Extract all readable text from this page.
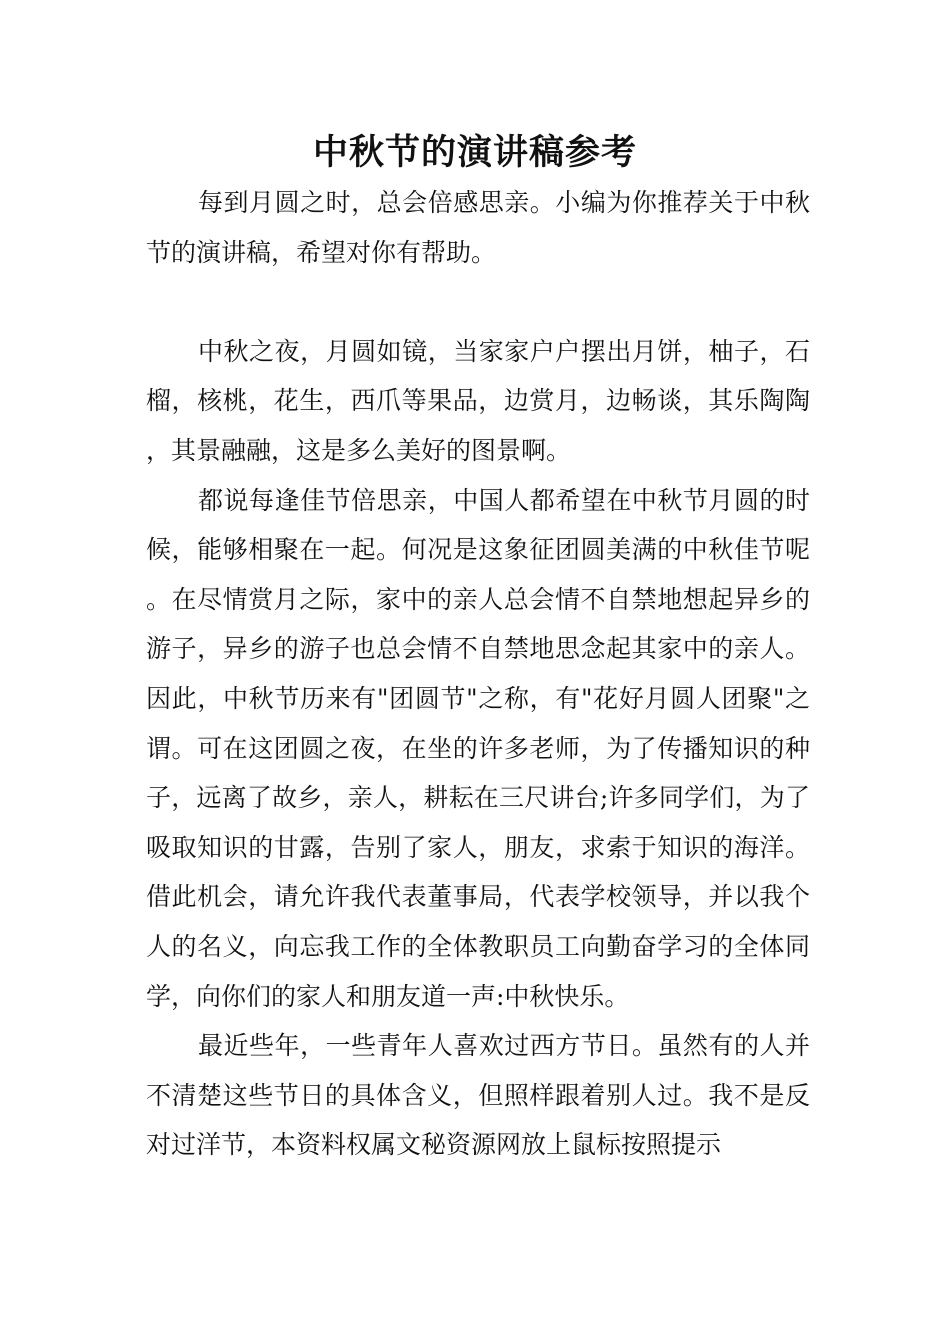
中秋节的演讲稿参考

每到月圆之时，总会倍感思亲。小编为你推荐关于中秋节的演讲稿，希望对你有帮助。

中秋之夜，月圆如镜，当家家户户摆出月饼，柚子，石榴，核桃，花生，西爪等果品，边赏月，边畅谈，其乐陶陶，其景融融，这是多么美好的图景啊。

都说每逢佳节倍思亲，中国人都希望在中秋节月圆的时候，能够相聚在一起。何况是这象征团圆美满的中秋佳节呢。在尽情赏月之际，家中的亲人总会情不自禁地想起异乡的游子，异乡的游子也总会情不自禁地思念起其家中的亲人。因此，中秋节历来有"团圆节"之称，有"花好月圆人团聚"之谓。可在这团圆之夜，在坐的许多老师，为了传播知识的种子，远离了故乡，亲人，耕耘在三尺讲台;许多同学们，为了吸取知识的甘露，告别了家人，朋友，求索于知识的海洋。借此机会，请允许我代表董事局，代表学校领导，并以我个人的名义，向忘我工作的全体教职员工向勤奋学习的全体同学，向你们的家人和朋友道一声:中秋快乐。

最近些年，一些青年人喜欢过西方节日。虽然有的人并不清楚这些节日的具体含义，但照样跟着别人过。我不是反对过洋节，本资料权属文秘资源网放上鼠标按照提示
